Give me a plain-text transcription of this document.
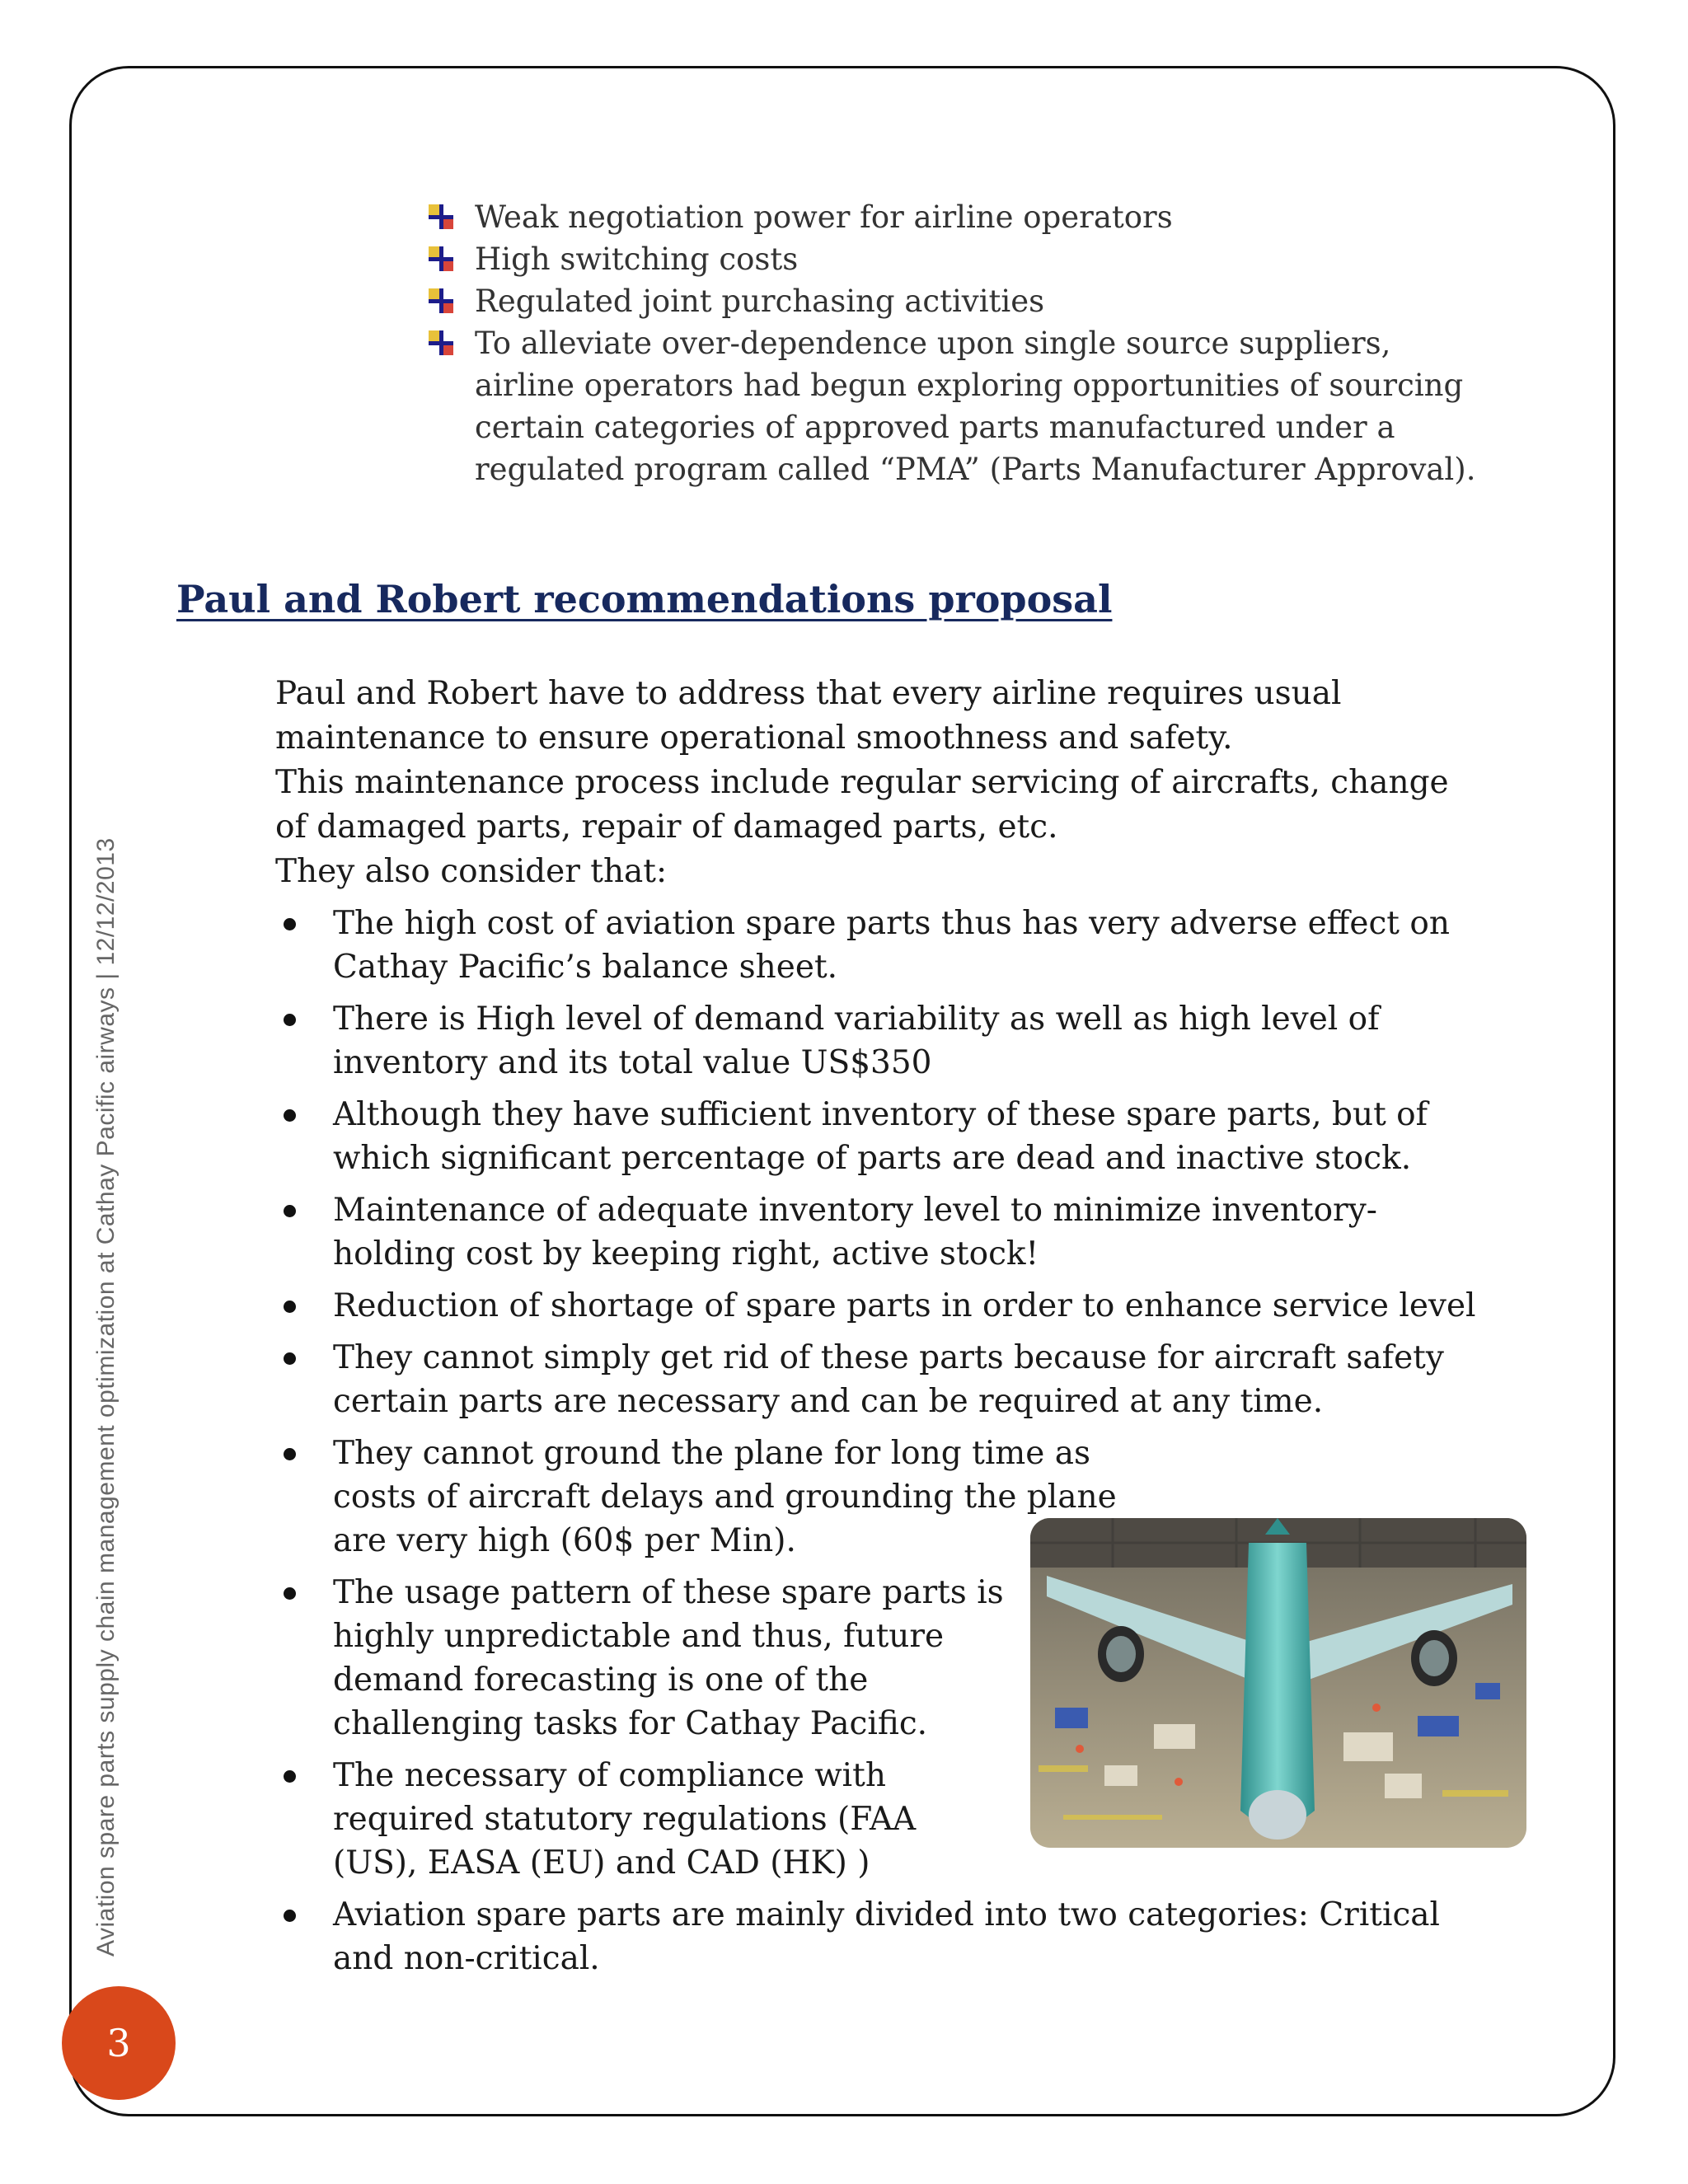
Weak negotiation power for airline operators
High switching costs
Regulated joint purchasing activities
To alleviate over-dependence upon single source suppliers, airline operators had begun exploring opportunities of sourcing certain categories of approved parts manufactured under a regulated program called “PMA” (Parts Manufacturer Approval).
Paul and Robert recommendations proposal

Paul and Robert have to address that every airline requires usual maintenance to ensure operational smoothness and safety.

This maintenance process include regular servicing of aircrafts, change of damaged parts, repair of damaged parts, etc.

They also consider that:

The high cost of aviation spare parts thus has very adverse effect on Cathay Pacific’s balance sheet.
There is High level of demand variability as well as high level of inventory and its total value US$350
Although they have sufficient inventory of these spare parts, but of which significant percentage of parts are dead and inactive stock.
Maintenance of adequate inventory level to minimize inventory-holding cost by keeping right, active stock!
Reduction of shortage of spare parts in order to enhance service level
They cannot simply get rid of these parts because for aircraft safety certain parts are necessary and can be required at any time.
They cannot ground the plane for long time as costs of aircraft delays and grounding the plane are very high (60$ per Min).
The usage pattern of these spare parts is highly unpredictable and thus, future demand forecasting is one of the challenging tasks for Cathay Pacific.
The necessary of compliance with required statutory regulations (FAA (US), EASA (EU) and CAD (HK) )
Aviation spare parts are mainly divided into two categories: Critical and non-critical.
Aviation spare parts supply chain management optimization at Cathay Pacific airways | 12/12/2013
3
